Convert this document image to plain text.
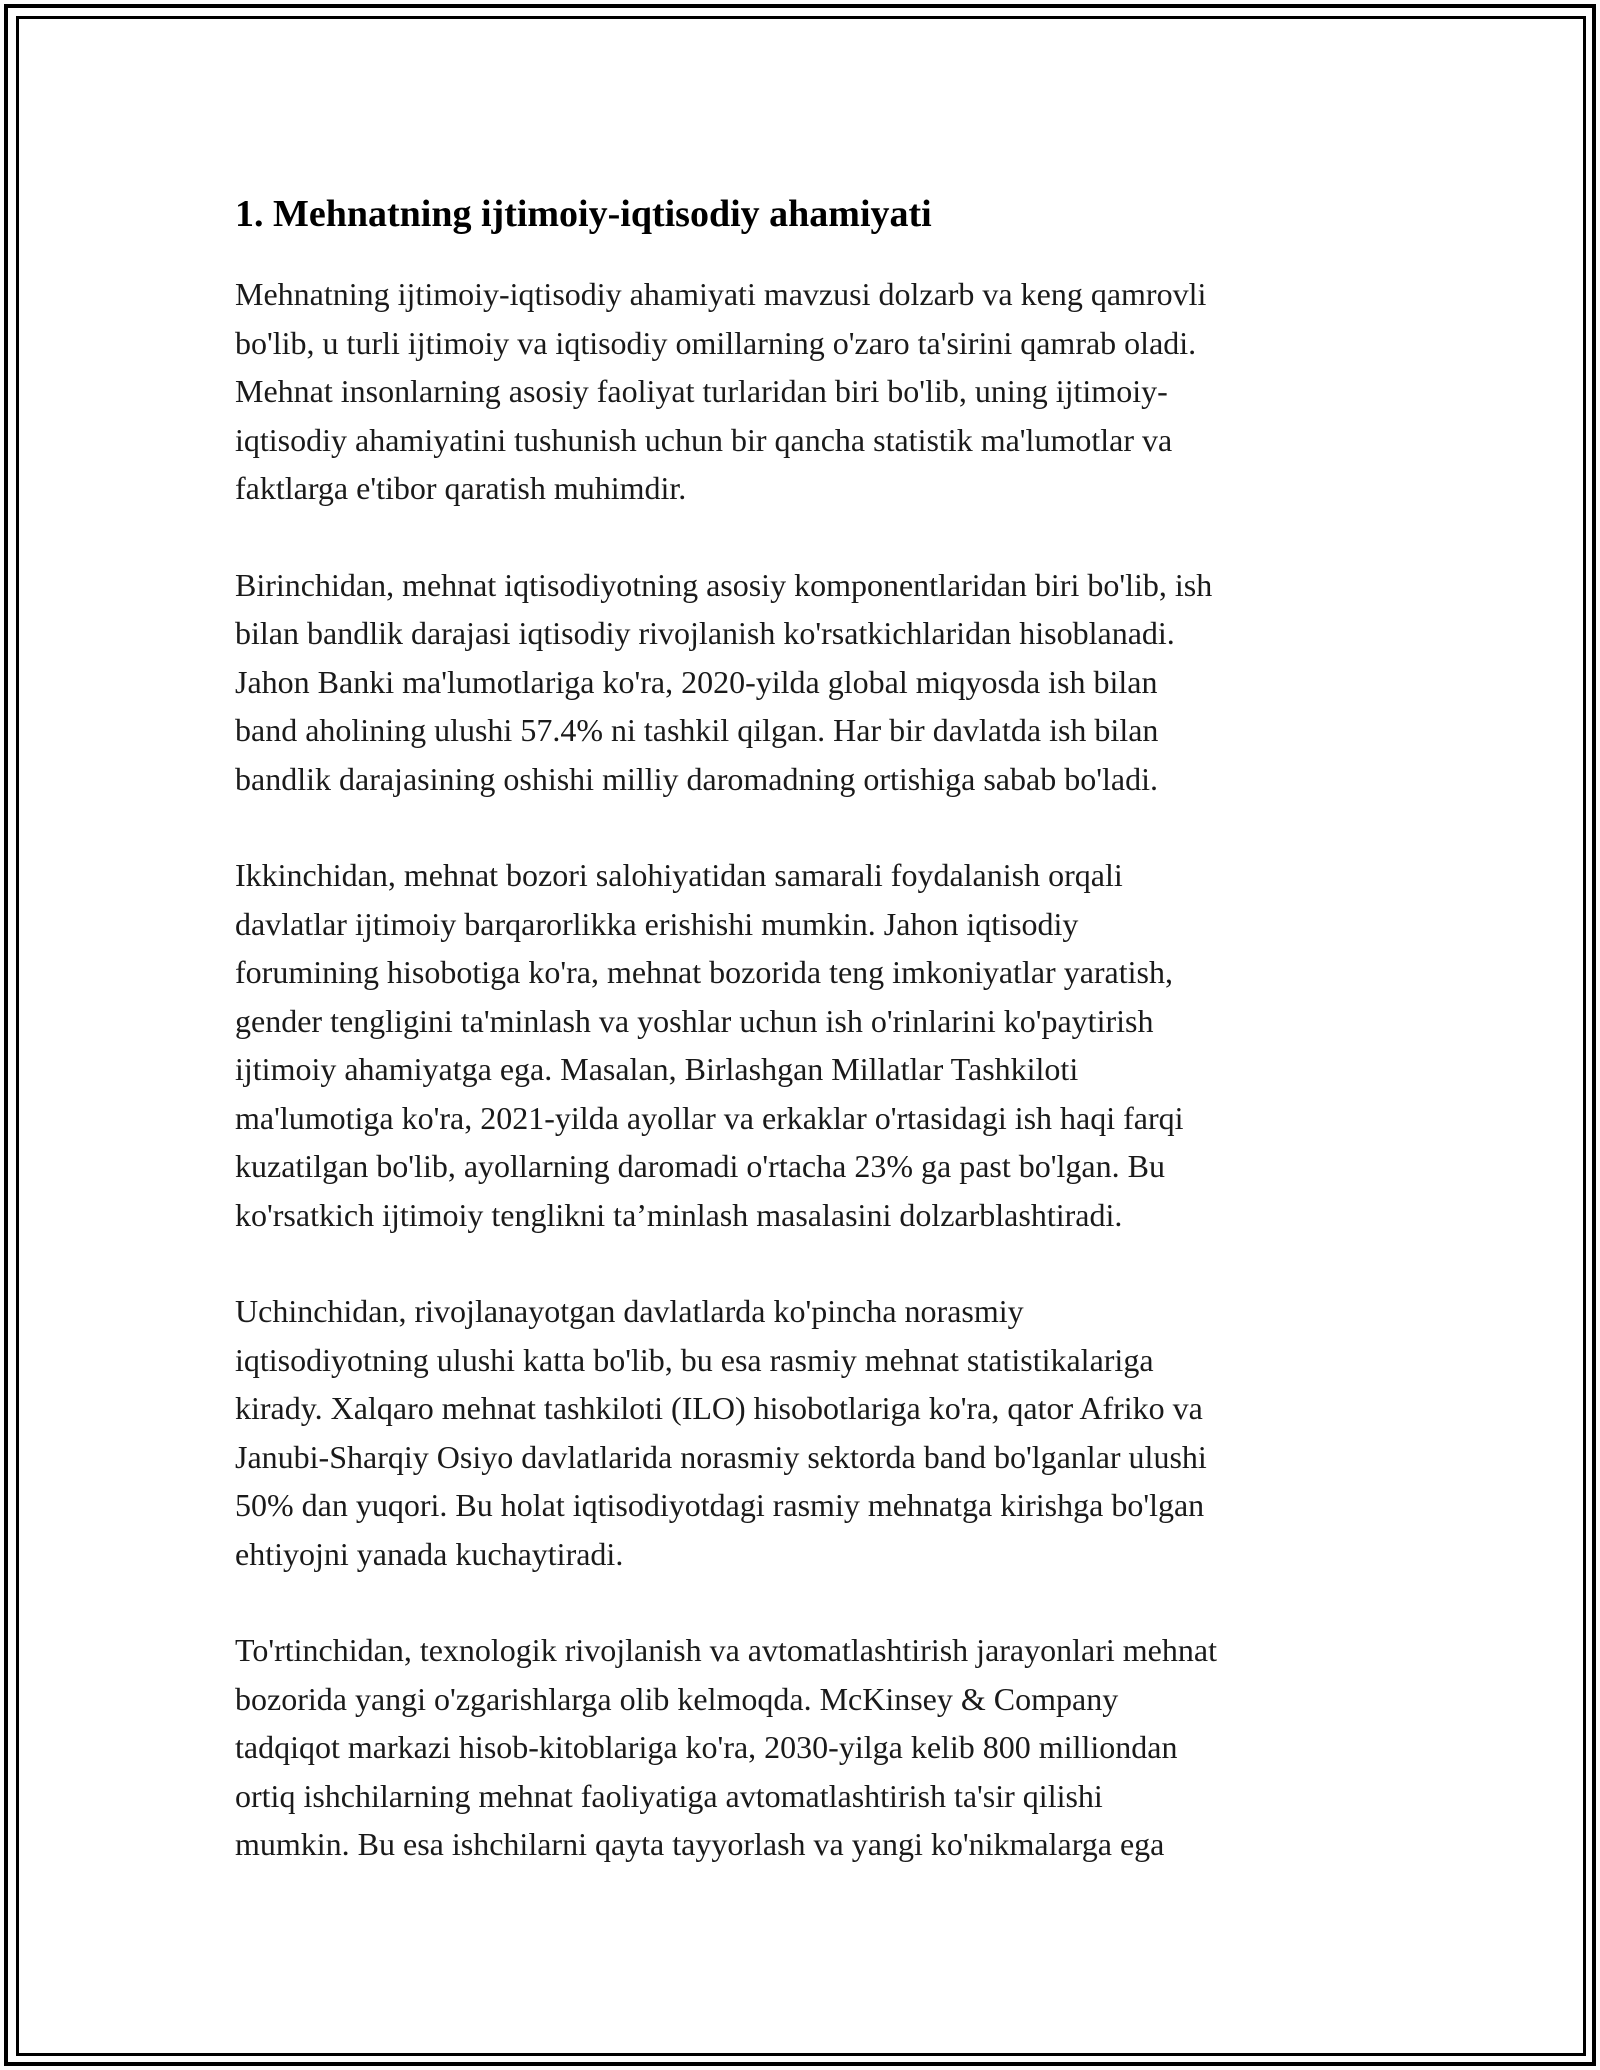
1. Mehnatning ijtimoiy-iqtisodiy ahamiyati

Mehnatning ijtimoiy-iqtisodiy ahamiyati mavzusi dolzarb va keng qamrovli
bo'lib, u turli ijtimoiy va iqtisodiy omillarning o'zaro ta'sirini qamrab oladi.
Mehnat insonlarning asosiy faoliyat turlaridan biri bo'lib, uning ijtimoiy-
iqtisodiy ahamiyatini tushunish uchun bir qancha statistik ma'lumotlar va
faktlarga e'tibor qaratish muhimdir.

Birinchidan, mehnat iqtisodiyotning asosiy komponentlaridan biri bo'lib, ish
bilan bandlik darajasi iqtisodiy rivojlanish ko'rsatkichlaridan hisoblanadi.
Jahon Banki ma'lumotlariga ko'ra, 2020-yilda global miqyosda ish bilan
band aholining ulushi 57.4% ni tashkil qilgan. Har bir davlatda ish bilan
bandlik darajasining oshishi milliy daromadning ortishiga sabab bo'ladi.

Ikkinchidan, mehnat bozori salohiyatidan samarali foydalanish orqali
davlatlar ijtimoiy barqarorlikka erishishi mumkin. Jahon iqtisodiy
forumining hisobotiga ko'ra, mehnat bozorida teng imkoniyatlar yaratish,
gender tengligini ta'minlash va yoshlar uchun ish o'rinlarini ko'paytirish
ijtimoiy ahamiyatga ega. Masalan, Birlashgan Millatlar Tashkiloti
ma'lumotiga ko'ra, 2021-yilda ayollar va erkaklar o'rtasidagi ish haqi farqi
kuzatilgan bo'lib, ayollarning daromadi o'rtacha 23% ga past bo'lgan. Bu
ko'rsatkich ijtimoiy tenglikni ta’minlash masalasini dolzarblashtiradi.

Uchinchidan, rivojlanayotgan davlatlarda ko'pincha norasmiy
iqtisodiyotning ulushi katta bo'lib, bu esa rasmiy mehnat statistikalariga
kirady. Xalqaro mehnat tashkiloti (ILO) hisobotlariga ko'ra, qator Afriko va
Janubi-Sharqiy Osiyo davlatlarida norasmiy sektorda band bo'lganlar ulushi
50% dan yuqori. Bu holat iqtisodiyotdagi rasmiy mehnatga kirishga bo'lgan
ehtiyojni yanada kuchaytiradi.

To'rtinchidan, texnologik rivojlanish va avtomatlashtirish jarayonlari mehnat
bozorida yangi o'zgarishlarga olib kelmoqda. McKinsey & Company
tadqiqot markazi hisob-kitoblariga ko'ra, 2030-yilga kelib 800 milliondan
ortiq ishchilarning mehnat faoliyatiga avtomatlashtirish ta'sir qilishi
mumkin. Bu esa ishchilarni qayta tayyorlash va yangi ko'nikmalarga ega
